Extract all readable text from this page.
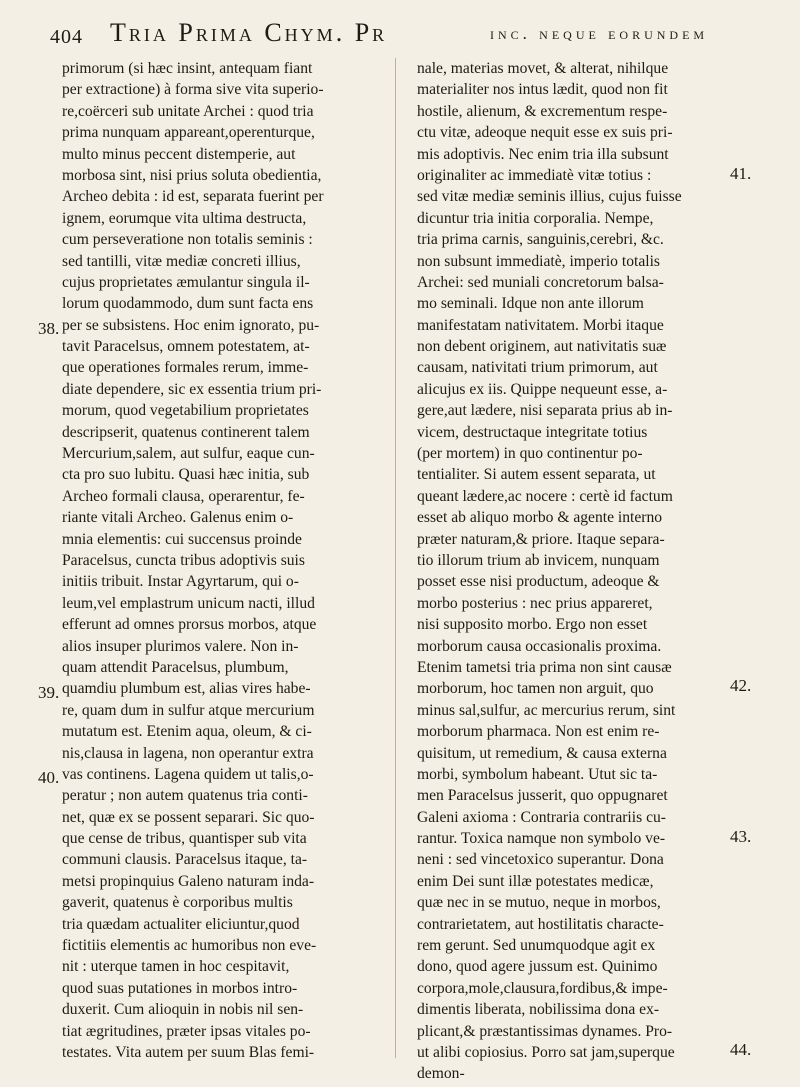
404 Tria Prima Chym. Pr	inc. neque eorundem
primorum (si hæc insint, antequam fiant
per extractione) à forma sive vita superio-
re,coërceri sub unitate Archei : quod tria
prima nunquam appareant,operenturque,
multo minus peccent distemperie, aut
morbosa sint, nisi prius soluta obedientia,
Archeo debita : id est, separata fuerint per
ignem, eorumque vita ultima destructa,
cum perseveratione non totalis seminis :
sed tantilli, vitæ mediæ concreti illius,
cujus proprietates æmulantur singula il-
lorum quodammodo, dum sunt facta ens
per se subsistens. Hoc enim ignorato, pu-
tavit Paracelsus, omnem potestatem, at-
que operationes formales rerum, imme-
diate dependere, sic ex essentia trium pri-
morum, quod vegetabilium proprietates
descripserit, quatenus continerent talem
Mercurium,salem, aut sulfur, eaque cun-
cta pro suo lubitu. Quasi hæc initia, sub
Archeo formali clausa, operarentur, fe-
riante vitali Archeo. Galenus enim o-
mnia elementis: cui succensus proinde
Paracelsus, cuncta tribus adoptivis suis
initiis tribuit. Instar Agyrtarum, qui o-
leum,vel emplastrum unicum nacti, illud
efferunt ad omnes prorsus morbos, atque
alios insuper plurimos valere. Non in-
quam attendit Paracelsus, plumbum,
quamdiu plumbum est, alias vires habe-
re, quam dum in sulfur atque mercurium
mutatum est. Etenim aqua, oleum, & ci-
nis,clausa in lagena, non operantur extra
vas continens. Lagena quidem ut talis,o-
peratur ; non autem quatenus tria conti-
net, quæ ex se possent separari. Sic quo-
que cense de tribus, quantisper sub vita
communi clausis. Paracelsus itaque, ta-
metsi propinquius Galeno naturam inda-
gaverit, quatenus è corporibus multis
tria quædam actualiter eliciuntur,quod
fictitiis elementis ac humoribus non eve-
nit : uterque tamen in hoc cespitavit,
quod suas putationes in morbos intro-
duxerit. Cum alioquin in nobis nil sen-
tiat ægritudines, præter ipsas vitales po-
testates. Vita autem per suum Blas femi-
nale, materias movet, & alterat, nihilque
materialiter nos intus lædit, quod non fit
hostile, alienum, & excrementum respe-
ctu vitæ, adeoque nequit esse ex suis pri-
mis adoptivis. Nec enim tria illa subsunt
originaliter ac immediatè vitæ totius :
sed vitæ mediæ seminis illius, cujus fuisse
dicuntur tria initia corporalia. Nempe,
tria prima carnis, sanguinis,cerebri, &c.
non subsunt immediatè, imperio totalis
Archei: sed muniali concretorum balsa-
mo seminali. Idque non ante illorum
manifestatam nativitatem. Morbi itaque
non debent originem, aut nativitatis suæ
causam, nativitati trium primorum, aut
alicujus ex iis. Quippe nequeunt esse, a-
gere,aut lædere, nisi separata prius ab in-
vicem, destructaque integritate totius
(per mortem) in quo continentur po-
tentialiter. Si autem essent separata, ut
queant lædere,ac nocere : certè id factum
esset ab aliquo morbo & agente interno
præter naturam,& priore. Itaque separa-
tio illorum trium ab invicem, nunquam
posset esse nisi productum, adeoque &
morbo posterius : nec prius appareret,
nisi supposito morbo. Ergo non esset
morborum causa occasionalis proxima.
Etenim tametsi tria prima non sint causæ
morborum, hoc tamen non arguit, quo
minus sal,sulfur, ac mercurius rerum, sint
morborum pharmaca. Non est enim re-
quisitum, ut remedium, & causa externa
morbi, symbolum habeant. Utut sic ta-
men Paracelsus jusserit, quo oppugnaret
Galeni axioma : Contraria contrariis cu-
rantur. Toxica namque non symbolo ve-
neni : sed vincetoxico superantur. Dona
enim Dei sunt illæ potestates medicæ,
quæ nec in se mutuo, neque in morbos,
contrarietatem, aut hostilitatis characte-
rem gerunt. Sed unumquodque agit ex
dono, quod agere jussum est. Quinimo
corpora,mole,clausura,fordibus,& impe-
dimentis liberata, nobilissima dona ex-
plicant,& præstantissimas dynames. Pro-
ut alibi copiosius. Porro sat jam,superque
demon-
38.
39.
40.
41.
42.
43.
44.
